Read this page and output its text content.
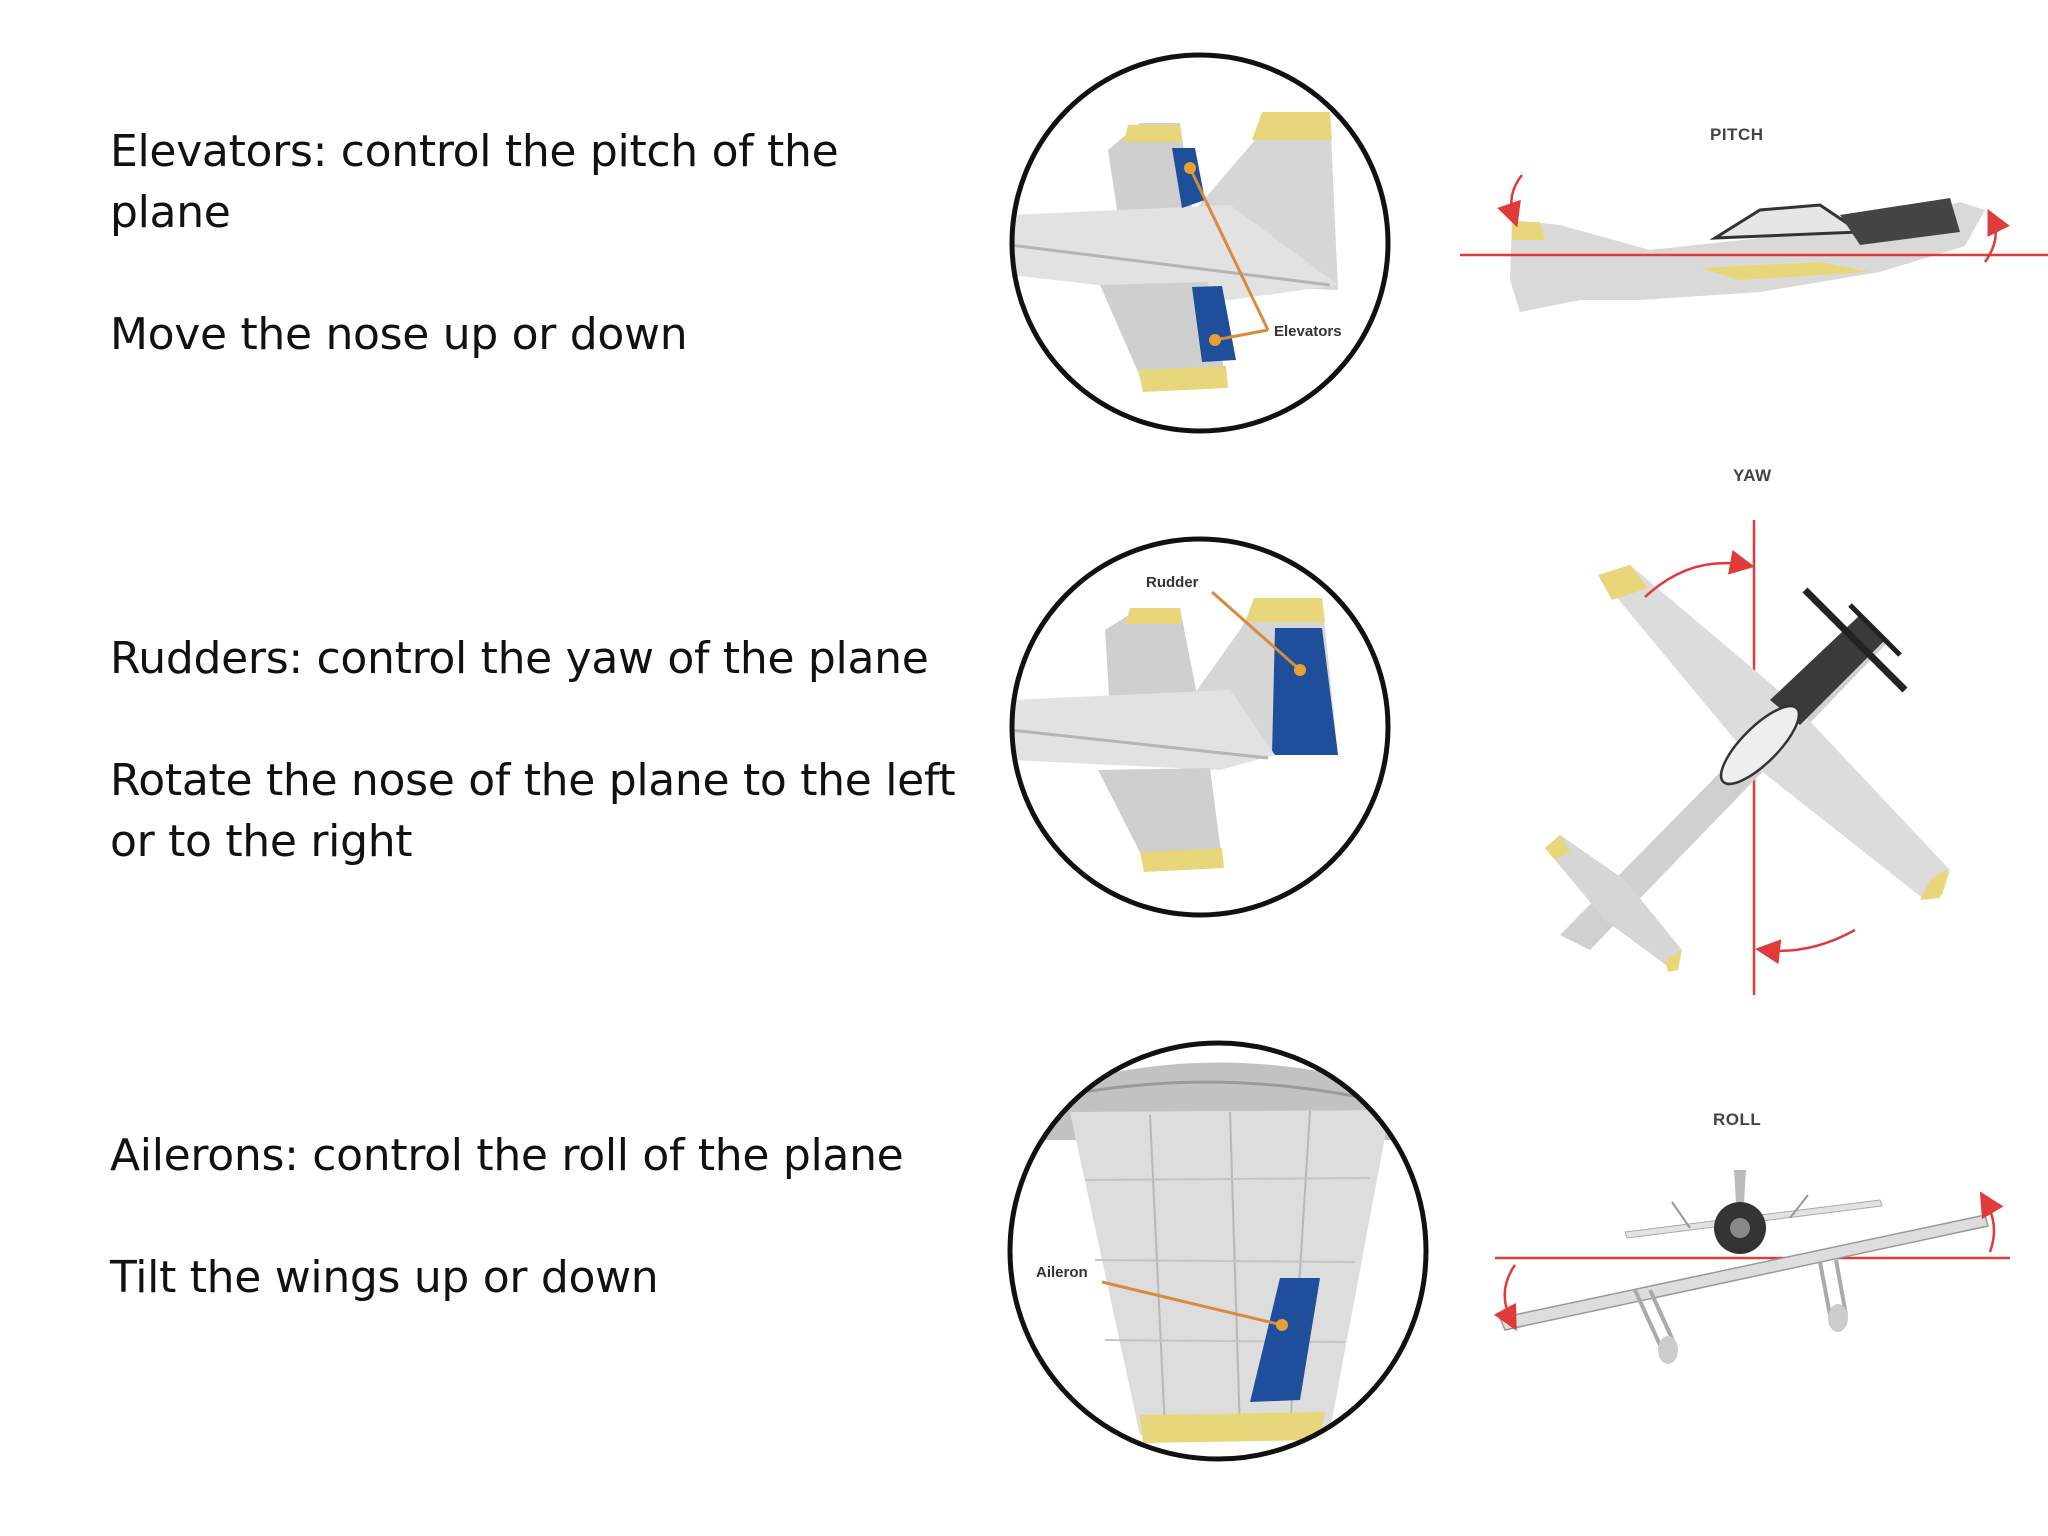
Elevators: control the pitch of the plane

Move the nose up or down

Rudders: control the yaw of the plane

Rotate the nose of the plane to the left

or to the right

Ailerons: control the roll of the plane

Tilt the wings up or down

Elevators
PITCH
Rudder
YAW
Aileron
ROLL
